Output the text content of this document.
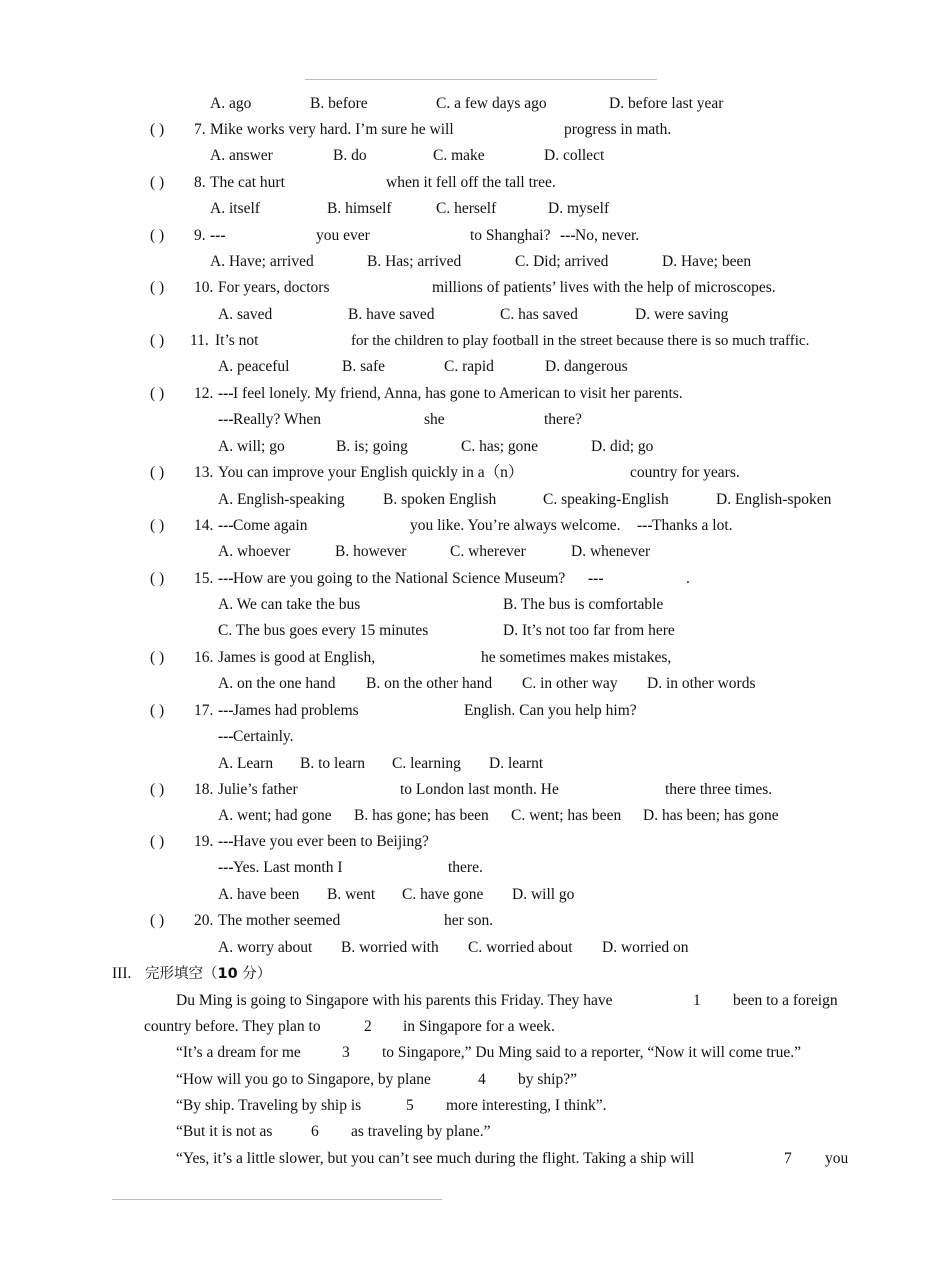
A. ago	B. before	C. a few days ago	D. before last year
( ) 7. Mike works very hard. I’m sure he will	progress in math.
A. answer	B. do	C. make	D. collect
( ) 8. The cat hurt	when it fell off the tall tree.
A. itself	B. himself	C. herself	D. myself
( ) 9. ---	you ever	to Shanghai? --- No, never.
A. Have; arrived	B. Has; arrived	C. Did; arrived	D. Have; been
( ) 10. For years, doctors	millions of patients’ lives with the help of microscopes.
A. saved	B. have saved	C. has saved	D. were saving
( ) 11. It’s not	for the children to play football in the street because there is so much traffic.
A. peaceful	B. safe	C. rapid	D. dangerous
( ) 12. --- I feel lonely. My friend, Anna, has gone to American to visit her parents.
--- Really? When	she	there?
A. will; go	B. is; going	C. has; gone	D. did; go
( ) 13. You can improve your English quickly in a（n）	country for years.
A. English-speaking B. spoken English	C. speaking-English	D. English-spoken
( ) 14. --- Come again	you like. You’re always welcome. --- Thanks a lot.
A. whoever	B. however	C. wherever	D. whenever
( ) 15. --- How are you going to the National Science Museum? ---	.
A. We can take the bus	B. The bus is comfortable
C. The bus goes every 15 minutes	D. It’s not too far from here
( ) 16. James is good at English,	he sometimes makes mistakes,
A. on the one hand B. on the other hand C. in other way D. in other words
( ) 17. --- James had problems	English. Can you help him?
--- Certainly.
A. Learn B. to learn C. learning D. learnt
( ) 18. Julie’s father	to London last month. He	there three times.
A. went; had gone B. has gone; has been C. went; has been D. has been; has gone
( ) 19. --- Have you ever been to Beijing?
--- Yes. Last month I	there.
A. have been B. went C. have gone D. will go
( ) 20. The mother seemed	her son.
A. worry about B. worried with C. worried about D. worried on
III. 完形填空（10 分）
Du Ming is going to Singapore with his parents this Friday. They have	1 been to a foreign
country before. They plan to	2 in Singapore for a week.
“It’s a dream for me	3 to Singapore,” Du Ming said to a reporter, “Now it will come true.”
“How will you go to Singapore, by plane	4 by ship?”
“By ship. Traveling by ship is	5 more interesting, I think”.
“But it is not as 6 as traveling by plane.”
“Yes, it’s a little slower, but you can’t see much during the flight. Taking a ship will	7 you
